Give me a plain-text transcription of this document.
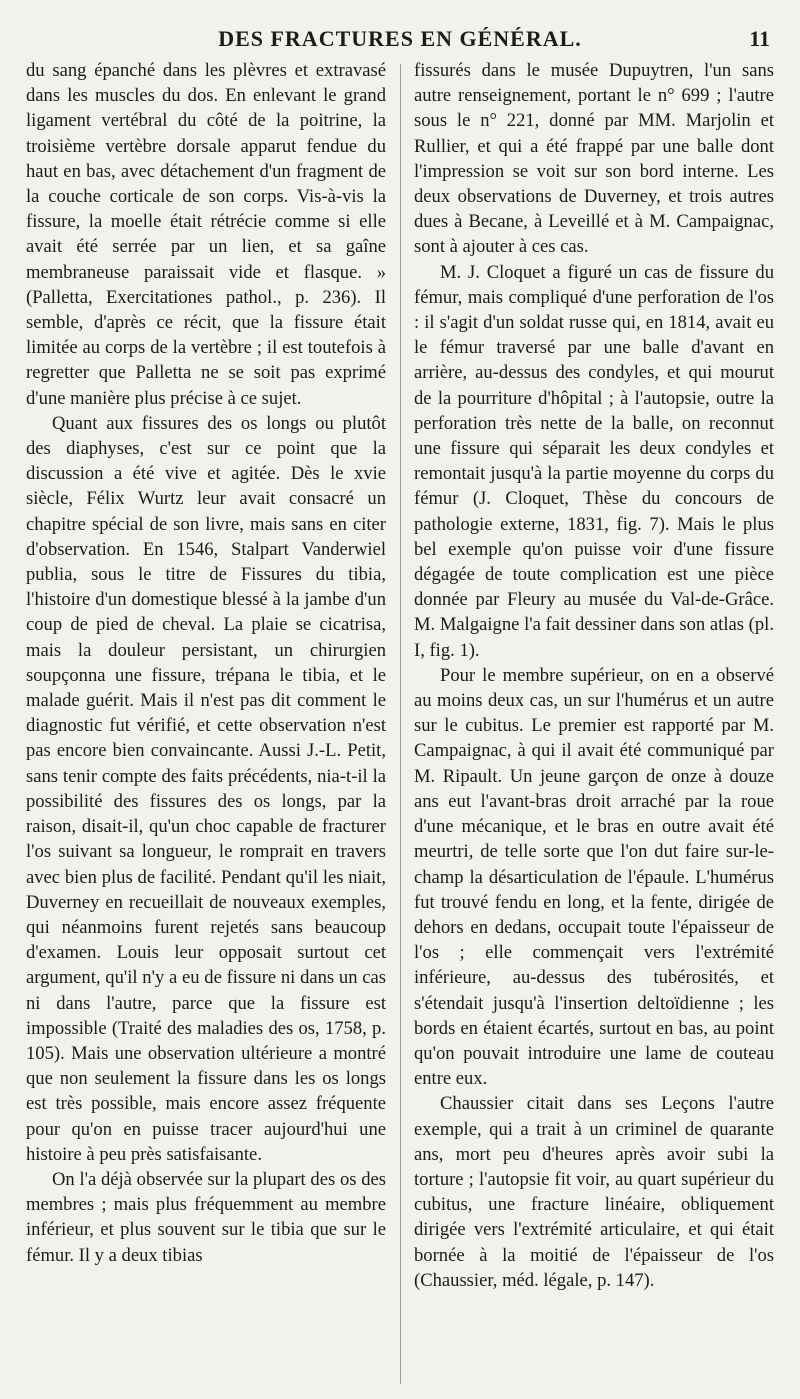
DES FRACTURES EN GÉNÉRAL.	11

du sang épanché dans les plèvres et extravasé dans les muscles du dos. En enlevant le grand ligament vertébral du côté de la poitrine, la troisième vertèbre dorsale apparut fendue du haut en bas, avec détachement d'un fragment de la couche corticale de son corps. Vis-à-vis la fissure, la moelle était rétrécie comme si elle avait été serrée par un lien, et sa gaîne membraneuse paraissait vide et flasque. » (Palletta, Exercitationes pathol., p. 236). Il semble, d'après ce récit, que la fissure était limitée au corps de la vertèbre ; il est toutefois à regretter que Palletta ne se soit pas exprimé d'une manière plus précise à ce sujet.

Quant aux fissures des os longs ou plutôt des diaphyses, c'est sur ce point que la discussion a été vive et agitée. Dès le xvie siècle, Félix Wurtz leur avait consacré un chapitre spécial de son livre, mais sans en citer d'observation. En 1546, Stalpart Vanderwiel publia, sous le titre de Fissures du tibia, l'histoire d'un domestique blessé à la jambe d'un coup de pied de cheval. La plaie se cicatrisa, mais la douleur persistant, un chirurgien soupçonna une fissure, trépana le tibia, et le malade guérit. Mais il n'est pas dit comment le diagnostic fut vérifié, et cette observation n'est pas encore bien convaincante. Aussi J.-L. Petit, sans tenir compte des faits précédents, nia-t-il la possibilité des fissures des os longs, par la raison, disait-il, qu'un choc capable de fracturer l'os suivant sa longueur, le romprait en travers avec bien plus de facilité. Pendant qu'il les niait, Duverney en recueillait de nouveaux exemples, qui néanmoins furent rejetés sans beaucoup d'examen. Louis leur opposait surtout cet argument, qu'il n'y a eu de fissure ni dans un cas ni dans l'autre, parce que la fissure est impossible (Traité des maladies des os, 1758, p. 105). Mais une observation ultérieure a montré que non seulement la fissure dans les os longs est très possible, mais encore assez fréquente pour qu'on en puisse tracer aujourd'hui une histoire à peu près satisfaisante.

On l'a déjà observée sur la plupart des os des membres ; mais plus fréquemment au membre inférieur, et plus souvent sur le tibia que sur le fémur. Il y a deux tibias

fissurés dans le musée Dupuytren, l'un sans autre renseignement, portant le n° 699 ; l'autre sous le n° 221, donné par MM. Marjolin et Rullier, et qui a été frappé par une balle dont l'impression se voit sur son bord interne. Les deux observations de Duverney, et trois autres dues à Becane, à Leveillé et à M. Campaignac, sont à ajouter à ces cas.

M. J. Cloquet a figuré un cas de fissure du fémur, mais compliqué d'une perforation de l'os : il s'agit d'un soldat russe qui, en 1814, avait eu le fémur traversé par une balle d'avant en arrière, au-dessus des condyles, et qui mourut de la pourriture d'hôpital ; à l'autopsie, outre la perforation très nette de la balle, on reconnut une fissure qui séparait les deux condyles et remontait jusqu'à la partie moyenne du corps du fémur (J. Cloquet, Thèse du concours de pathologie externe, 1831, fig. 7). Mais le plus bel exemple qu'on puisse voir d'une fissure dégagée de toute complication est une pièce donnée par Fleury au musée du Val-de-Grâce. M. Malgaigne l'a fait dessiner dans son atlas (pl. I, fig. 1).

Pour le membre supérieur, on en a observé au moins deux cas, un sur l'humérus et un autre sur le cubitus. Le premier est rapporté par M. Campaignac, à qui il avait été communiqué par M. Ripault. Un jeune garçon de onze à douze ans eut l'avant-bras droit arraché par la roue d'une mécanique, et le bras en outre avait été meurtri, de telle sorte que l'on dut faire sur-le-champ la désarticulation de l'épaule. L'humérus fut trouvé fendu en long, et la fente, dirigée de dehors en dedans, occupait toute l'épaisseur de l'os ; elle commençait vers l'extrémité inférieure, au-dessus des tubérosités, et s'étendait jusqu'à l'insertion deltoïdienne ; les bords en étaient écartés, surtout en bas, au point qu'on pouvait introduire une lame de couteau entre eux.

Chaussier citait dans ses Leçons l'autre exemple, qui a trait à un criminel de quarante ans, mort peu d'heures après avoir subi la torture ; l'autopsie fit voir, au quart supérieur du cubitus, une fracture linéaire, obliquement dirigée vers l'extrémité articulaire, et qui était bornée à la moitié de l'épaisseur de l'os (Chaussier, méd. légale, p. 147).
